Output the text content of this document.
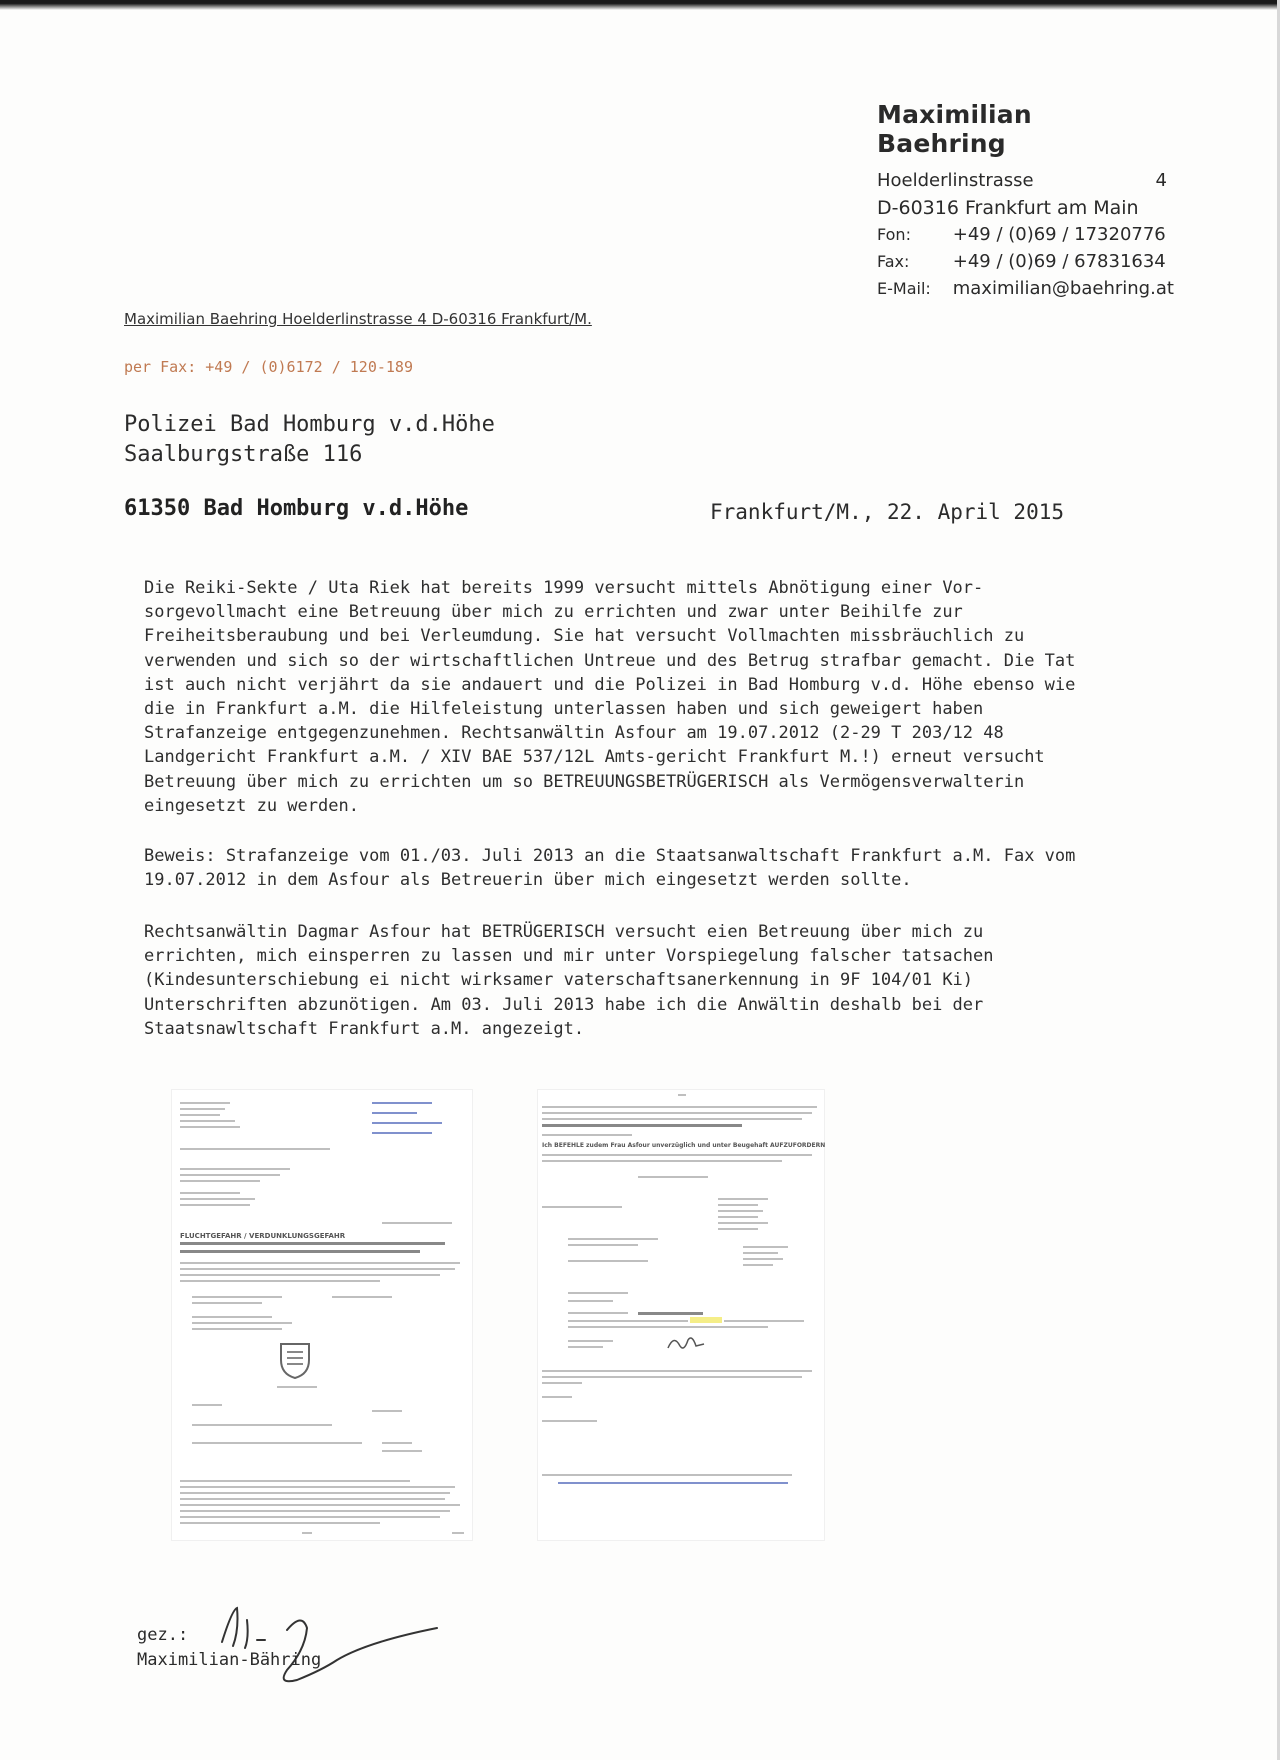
Maximilian Baehring
Hoelderlinstrasse	4
D-60316 Frankfurt am Main
Fon: +49 / (0)69 / 17320776
Fax: +49 / (0)69 / 67831634
E-Mail: maximilian@baehring.at
Maximilian Baehring Hoelderlinstrasse 4 D-60316 Frankfurt/M.
per Fax: +49 / (0)6172 / 120-189
Polizei Bad Homburg v.d.Höhe
Saalburgstraße 116
61350 Bad Homburg v.d.Höhe	Frankfurt/M., 22. April 2015
Die Reiki-Sekte / Uta Riek hat bereits 1999 versucht mittels Abnötigung einer Vor-sorgevollmacht eine Betreuung über mich zu errichten und zwar unter Beihilfe zur Freiheitsberaubung und bei Verleumdung. Sie hat versucht Vollmachten missbräuchlich zu verwenden und sich so der wirtschaftlichen Untreue und des Betrug strafbar gemacht. Die Tat ist auch nicht verjährt da sie andauert und die Polizei in Bad Homburg v.d. Höhe ebenso wie die in Frankfurt a.M. die Hilfeleistung unterlassen haben und sich geweigert haben Strafanzeige entgegenzunehmen. Rechtsanwältin Asfour am 19.07.2012 (2-29 T 203/12 48 Landgericht Frankfurt a.M. / XIV BAE 537/12L Amts-gericht Frankfurt M.!) erneut versucht Betreuung über mich zu errichten um so BETREUUNGSBETRÜGERISCH als Vermögensverwalterin eingesetzt zu werden.
Beweis: Strafanzeige vom 01./03. Juli 2013 an die Staatsanwaltschaft Frankfurt a.M. Fax vom 19.07.2012 in dem Asfour als Betreuerin über mich eingesetzt werden sollte.
Rechtsanwältin Dagmar Asfour hat BETRÜGERISCH versucht eien Betreuung über mich zu errichten, mich einsperren zu lassen und mir unter Vorspiegelung falscher tatsachen (Kindesunterschiebung ei nicht wirksamer vaterschaftsanerkennung in 9F 104/01 Ki) Unterschriften abzunötigen. Am 03. Juli 2013 habe ich die Anwältin deshalb bei der Staatsnawltschaft Frankfurt a.M. angezeigt.
FLUCHTGEFAHR / VERDUNKLUNGSGEFAHR
Ich BEFEHLE zudem Frau Asfour unverzüglich und unter Beugehaft AUFZUFORDERN
gez.:
Maximilian-Bähring
